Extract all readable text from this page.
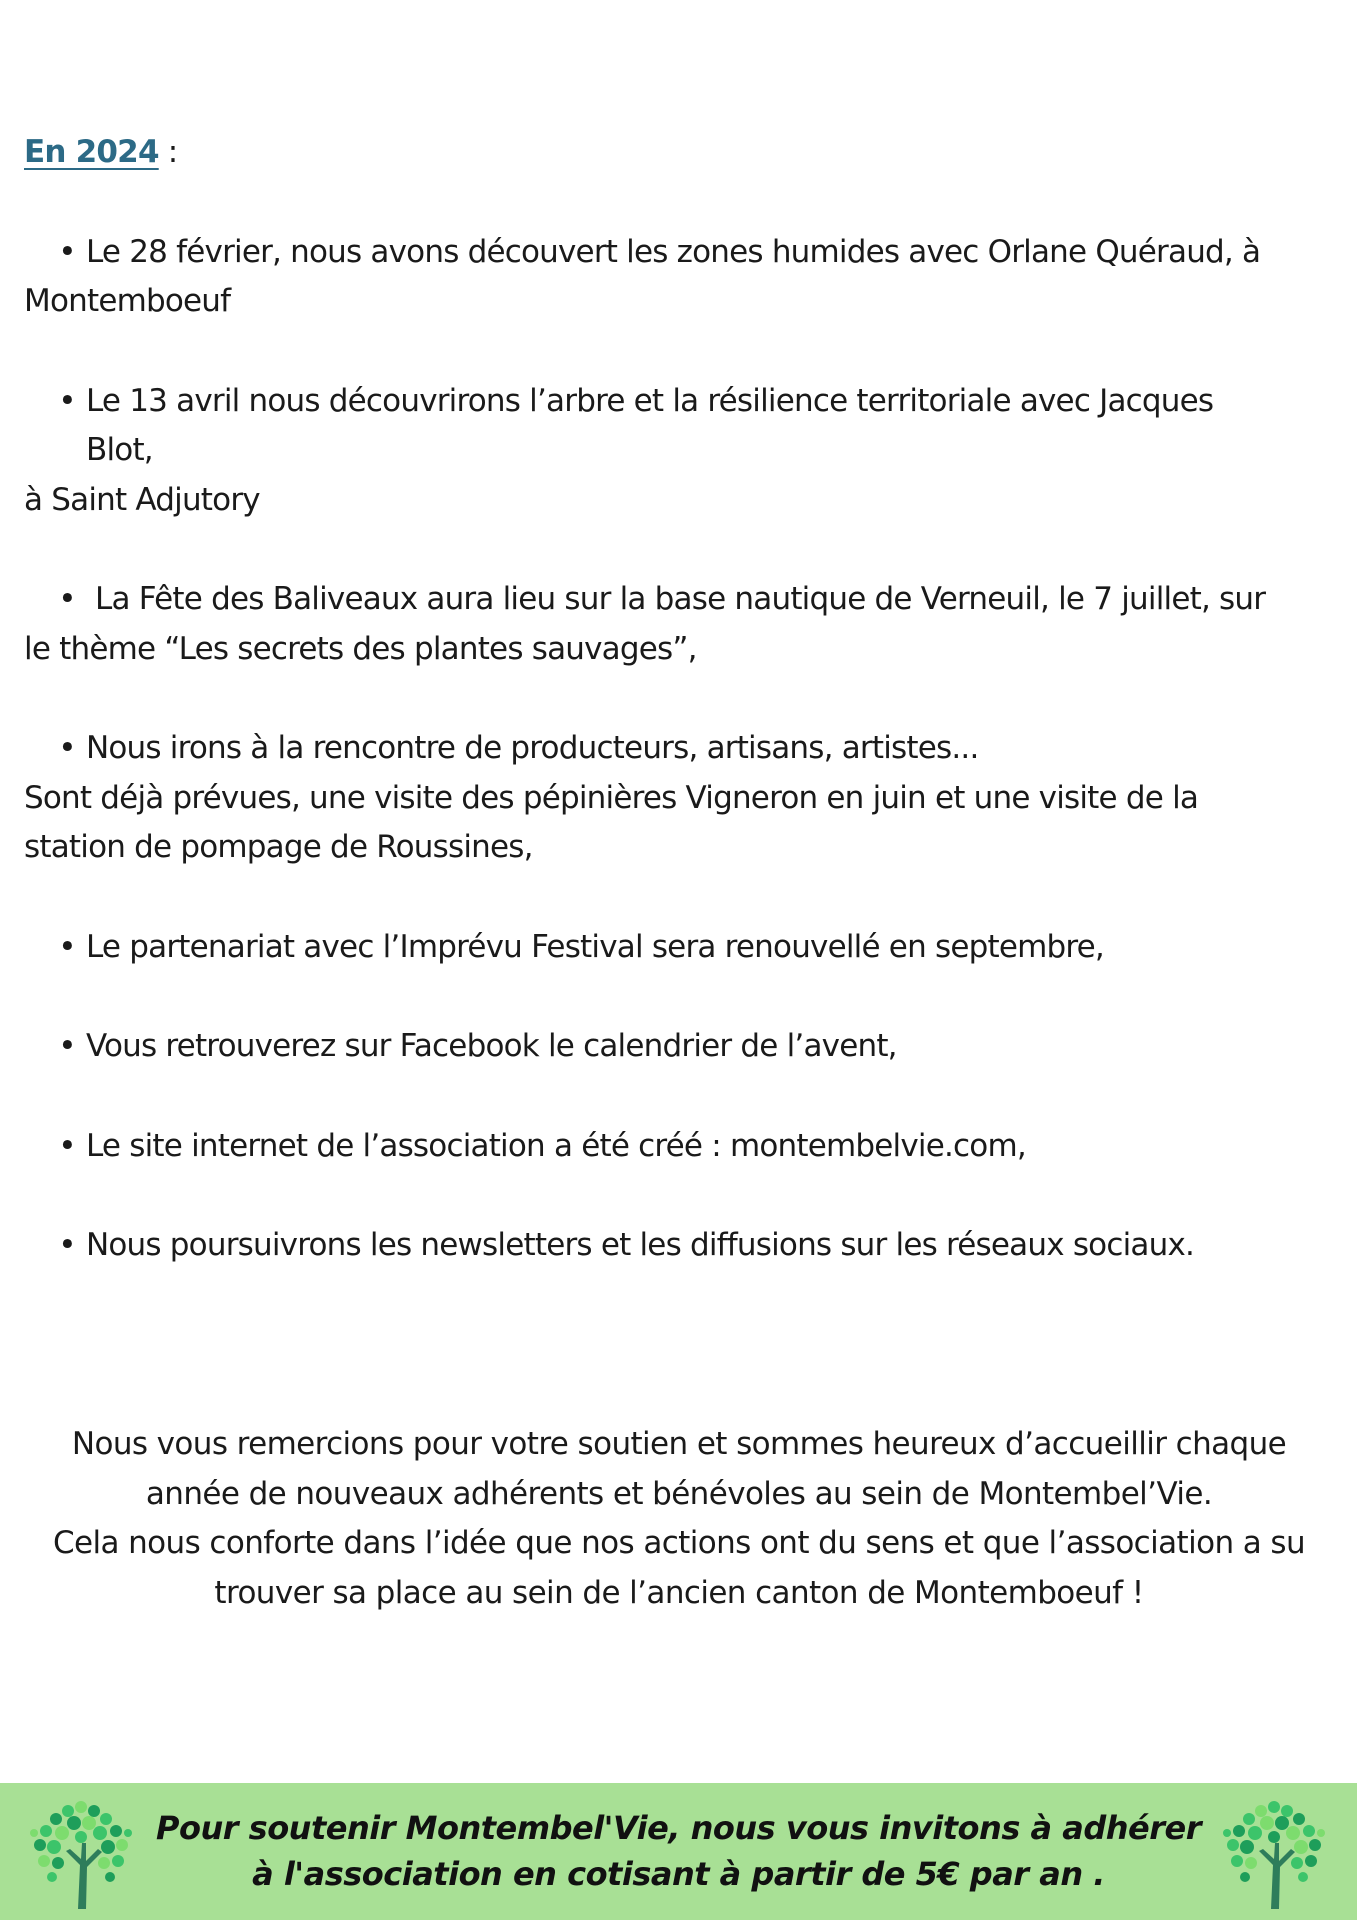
En 2024 :
• Le 28 février, nous avons découvert les zones humides avec Orlane Quéraud, à
Montemboeuf
• Le 13 avril nous découvrirons l’arbre et la résilience territoriale avec Jacques
Blot,
à Saint Adjutory
• La Fête des Baliveaux aura lieu sur la base nautique de Verneuil, le 7 juillet, sur
le thème “Les secrets des plantes sauvages”,
• Nous irons à la rencontre de producteurs, artisans, artistes...
Sont déjà prévues, une visite des pépinières Vigneron en juin et une visite de la
station de pompage de Roussines,
• Le partenariat avec l’Imprévu Festival sera renouvellé en septembre,
• Vous retrouverez sur Facebook le calendrier de l’avent,
• Le site internet de l’association a été créé : montembelvie.com,
• Nous poursuivrons les newsletters et les diffusions sur les réseaux sociaux.
Nous vous remercions pour votre soutien et sommes heureux d’accueillir chaque
année de nouveaux adhérents et bénévoles au sein de Montembel’Vie.
Cela nous conforte dans l’idée que nos actions ont du sens et que l’association a su
trouver sa place au sein de l’ancien canton de Montemboeuf !
Pour soutenir Montembel'Vie, nous vous invitons à adhérer
à l'association en cotisant à partir de 5€ par an .
